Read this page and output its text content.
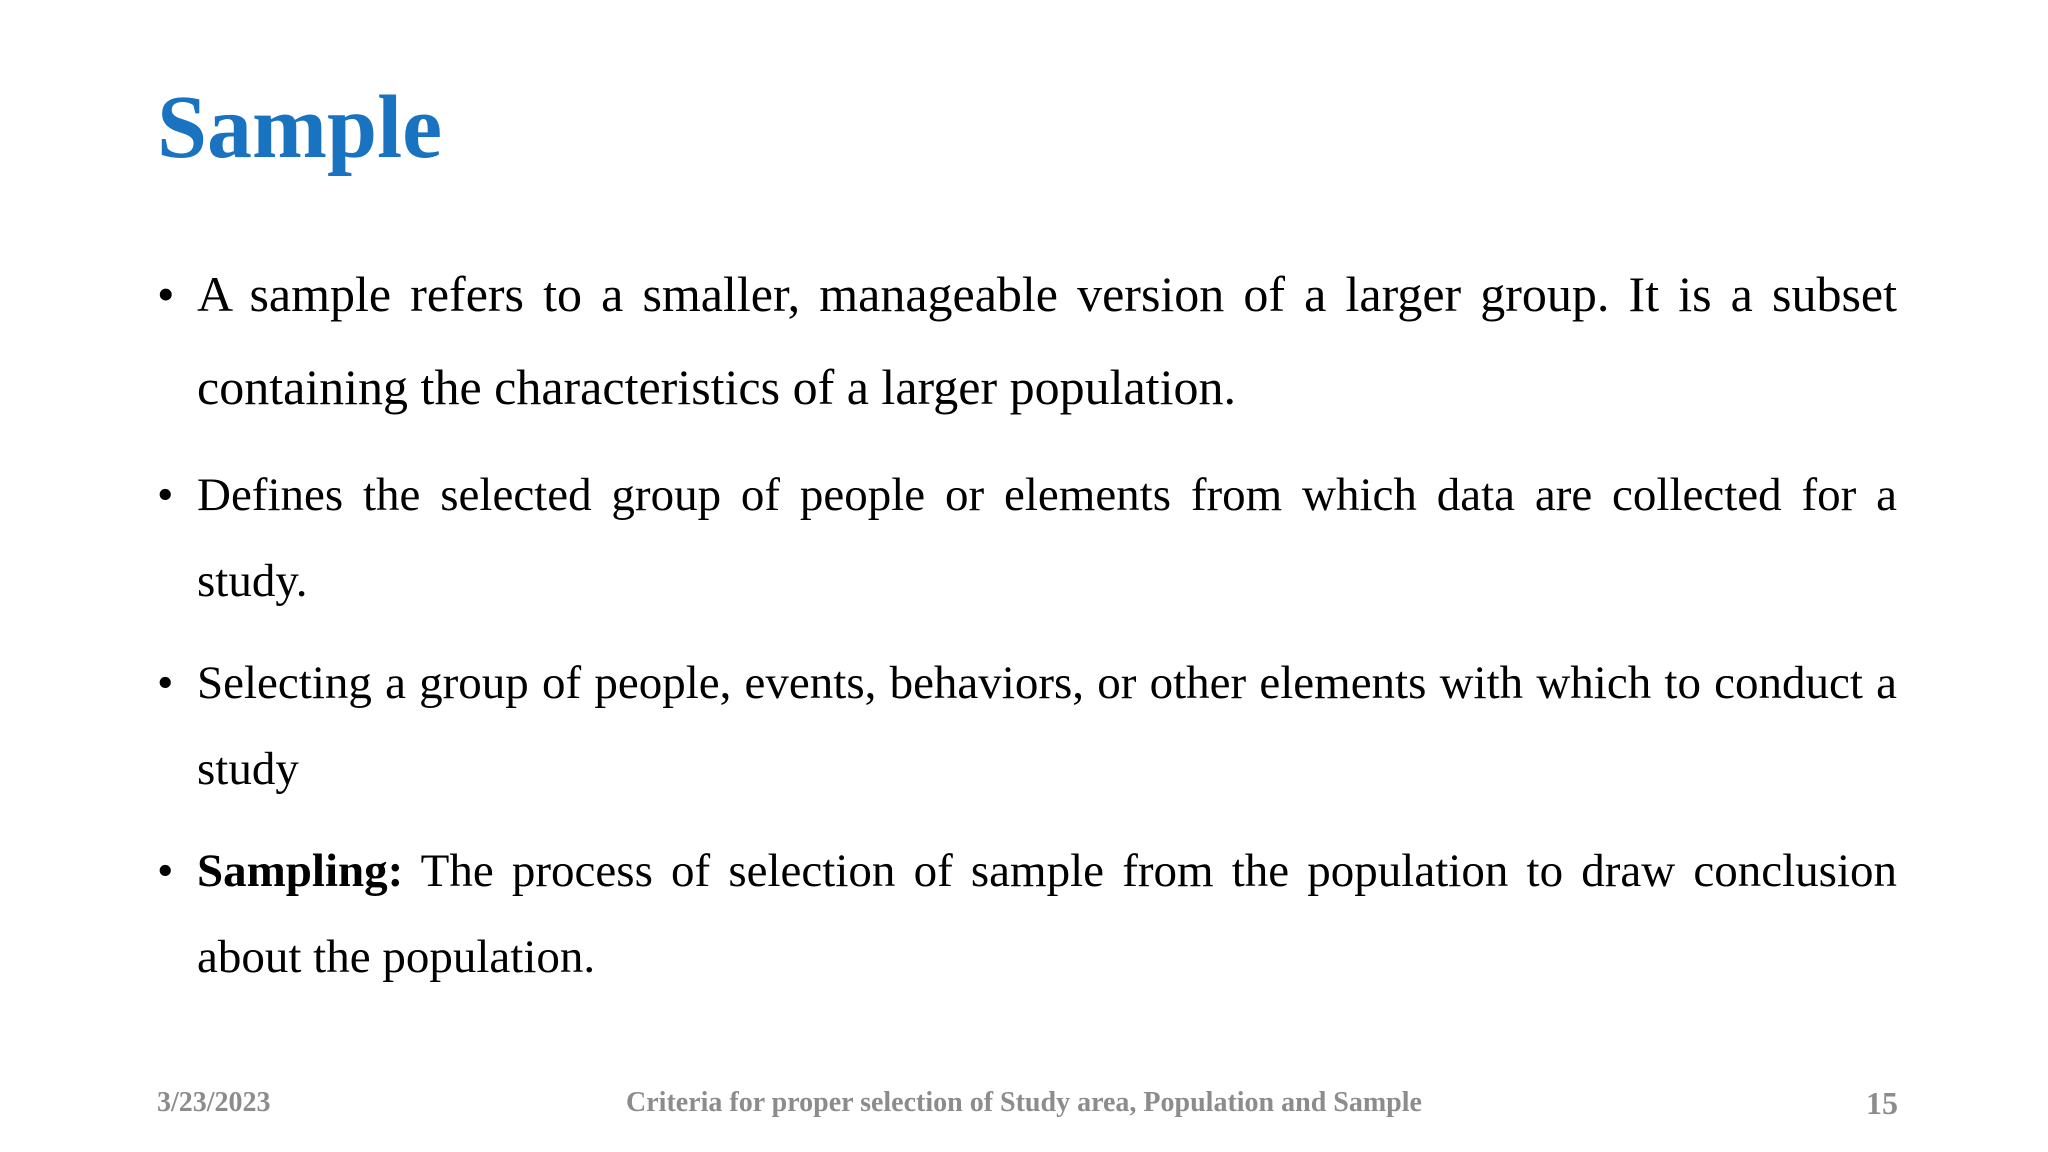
Sample
• A sample refers to a smaller, manageable version of a larger group. It is a subset containing the characteristics of a larger population.
• Defines the selected group of people or elements from which data are collected for a study.
• Selecting a group of people, events, behaviors, or other elements with which to conduct a study
• Sampling: The process of selection of sample from the population to draw conclusion about the population.
3/23/2023	Criteria for proper selection of Study area, Population and Sample	15
